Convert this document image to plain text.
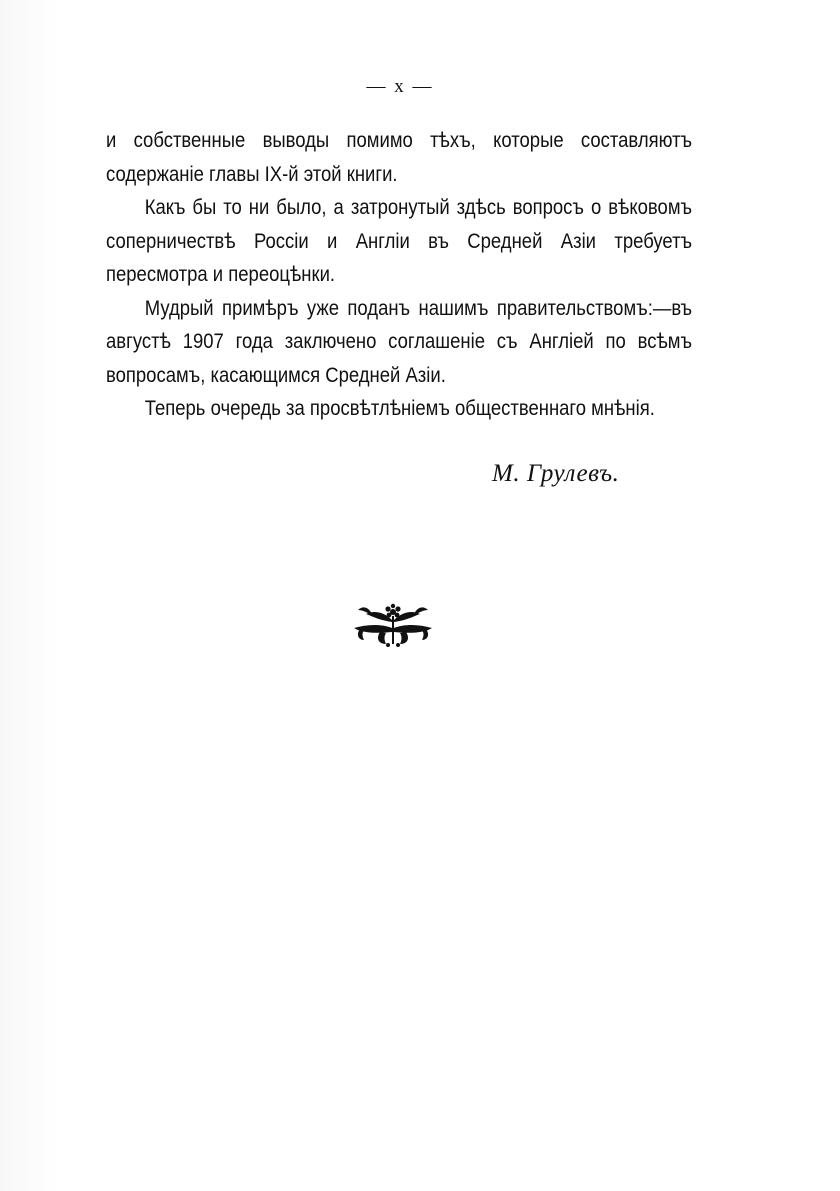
— x —

и собственные выводы помимо тѣхъ, которые составляютъ содержаніе главы IX-й этой книги.

Какъ бы то ни было, а затронутый здѣсь вопросъ о вѣковомъ соперничествѣ Россіи и Англіи въ Средней Азіи требуетъ пересмотра и переоцѣнки.

Мудрый примѣръ уже поданъ нашимъ правительствомъ:—въ августѣ 1907 года заключено соглашеніе съ Англіей по всѣмъ вопросамъ, касающимся Средней Азіи.

Теперь очередь за просвѣтлѣніемъ общественнаго мнѣнія.

М. Грулевъ.
